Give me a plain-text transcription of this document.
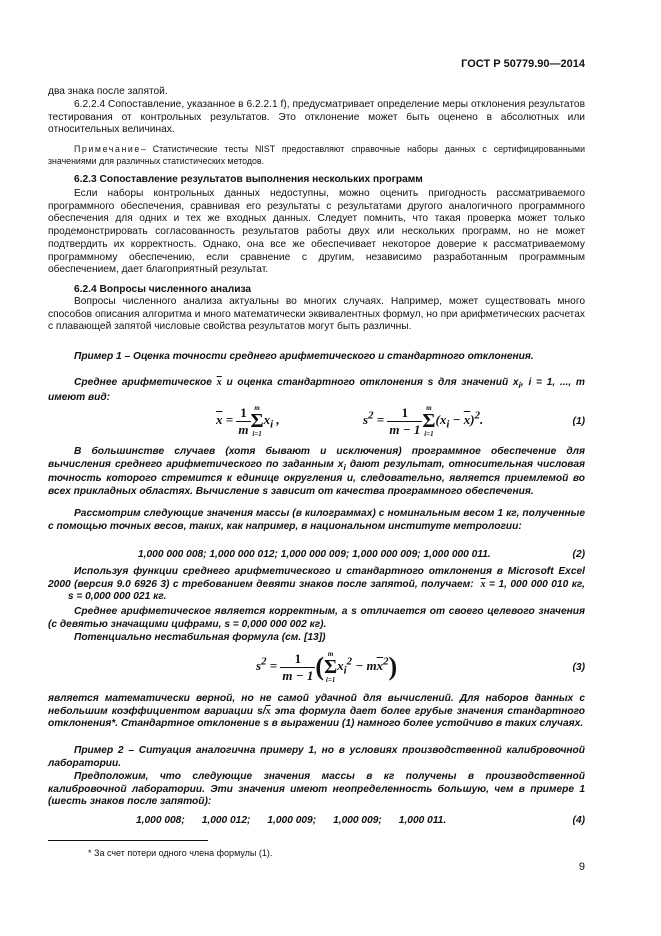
ГОСТ Р 50779.90—2014

два знака после запятой.

6.2.2.4 Сопоставление, указанное в 6.2.2.1 f), предусматривает определение меры отклонения результатов тестирования от контрольных результатов. Это отклонение может быть оценено в абсолютных или относительных величинах.

Примечание– Статистические тесты NIST предоставляют справочные наборы данных с сертифицированными значениями для различных статистических методов.

6.2.3 Сопоставление результатов выполнения нескольких программ

Если наборы контрольных данных недоступны, можно оценить пригодность рассматриваемого программного обеспечения, сравнивая его результаты с результатами другого аналогичного программного обеспечения для одних и тех же входных данных. Следует помнить, что такая проверка может только продемонстрировать согласованность результатов работы двух или нескольких программ, но не может подтвердить их корректность. Однако, она все же обеспечивает некоторое доверие к рассматриваемому программному обеспечению, если сравнение с другим, независимо разработанным программным обеспечением, дает благоприятный результат.

6.2.4 Вопросы численного анализа

Вопросы численного анализа актуальны во многих случаях. Например, может существовать много способов описания алгоритма и много математически эквивалентных формул, но при арифметических расчетах с плавающей запятой числовые свойства результатов могут быть различны.

Пример 1 – Оценка точности среднего арифметического и стандартного отклонения.

Среднее арифметическое $\overline{x}$ и оценка стандартного отклонения s для значений $x_i$, i = 1, ..., m имеют вид:

$\overline{x} = \frac{1}{m}$ m
Σ
i=1
$x_i$ ,	$s^2 = \frac{1}{m - 1}$ m
Σ
i=1
$(x_i - \overline{x})^2$.	(1)

В большинстве случаев (хотя бывают и исключения) программное обеспечение для вычисления среднего арифметического по заданным $x_i$ дают результат, относительная числовая точность которого стремится к единице округления u, следовательно, является приемлемой во всех прикладных областях. Вычисление s зависит от качества программного обеспечения.

Рассмотрим следующие значения массы (в килограммах) с номинальным весом 1 кг, полученные с помощью точных весов, таких, как например, в национальном институте метрологии:

1,000 000 008; 1,000 000 012; 1,000 000 009; 1,000 000 009; 1,000 000 011.	(2)

Используя функции среднего арифметического и стандартного отклонения в Microsoft Excel 2000 (версия 9.0 6926 3) с требованием девяти знаков после запятой, получаем: $\overline{x} = 1$, 000 000 010 кг,        s = 0,000 000 021 кг.

Среднее арифметическое является корректным, а s отличается от своего целевого значения (с девятью значащими цифрами, s = 0,000 000 002 кг).

Потенциально нестабильная формула (см. [13])

$s^2 = \frac{1}{m - 1}$ ( m
Σ
i=1
$x_i^2 - m\overline{x}^2$)	(3)

является математически верной, но не самой удачной для вычислений. Для наборов данных с небольшим коэффициентом вариации $s/\overline{x}$ эта формула дает более грубые значения стандартного отклонения*. Стандартное отклонение s в выражении (1) намного более устойчиво в таких случаях.

Пример 2 – Ситуация аналогична примеру 1, но в условиях производственной калибровочной лаборатории.

Предположим, что следующие значения массы в кг получены в производственной калибровочной лаборатории. Эти значения имеют неопределенность большую, чем в примере 1 (шесть знаков после запятой):

1,000 008;      1,000 012;      1,000 009;      1,000 009;      1,000 011.	(4)
* За счет потери одного члена формулы (1).
9
